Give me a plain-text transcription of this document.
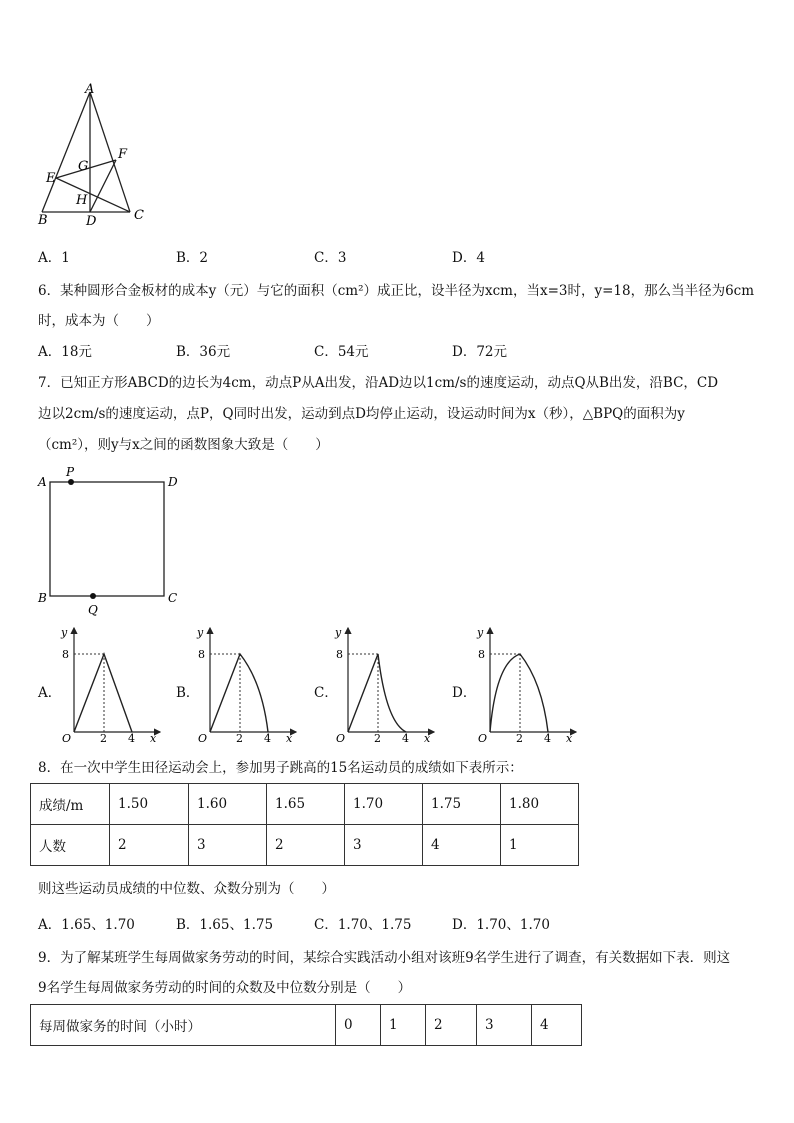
A
F
G
E
H
B	D	C
A．1	B．2	C．3	D．4
6．某种圆形合金板材的成本y（元）与它的面积（cm²）成正比，设半径为xcm，当x=3时，y=18，那么当半径为6cm
时，成本为（　　）
A．18元	B．36元	C．54元	D．72元
7．已知正方形ABCD的边长为4cm，动点P从A出发，沿AD边以1cm/s的速度运动，动点Q从B出发，沿BC，CD
边以2cm/s的速度运动，点P，Q同时出发，运动到点D均停止运动，设运动时间为x（秒），△BPQ的面积为y
（cm²），则y与x之间的函数图象大致是（　　）
A
P
D
B
Q
C
A．	B．	C．	D．
y
8
O	2 4 x
y
8
O	2 4 x
y
8
O	2 4 x
y
8
O	2 4 x
8．在一次中学生田径运动会上，参加男子跳高的15名运动员的成绩如下表所示：
成绩/m	1.50	1.60	1.65	1.70	1.75	1.80
人数	2	3	2	3	4	1
则这些运动员成绩的中位数、众数分别为（　　）
A．1.65、1.70	B．1.65、1.75	C．1.70、1.75	D．1.70、1.70
9．为了解某班学生每周做家务劳动的时间，某综合实践活动小组对该班9名学生进行了调查，有关数据如下表．则这
9名学生每周做家务劳动的时间的众数及中位数分别是（　　）
每周做家务的时间（小时）	0	1	2	3	4
